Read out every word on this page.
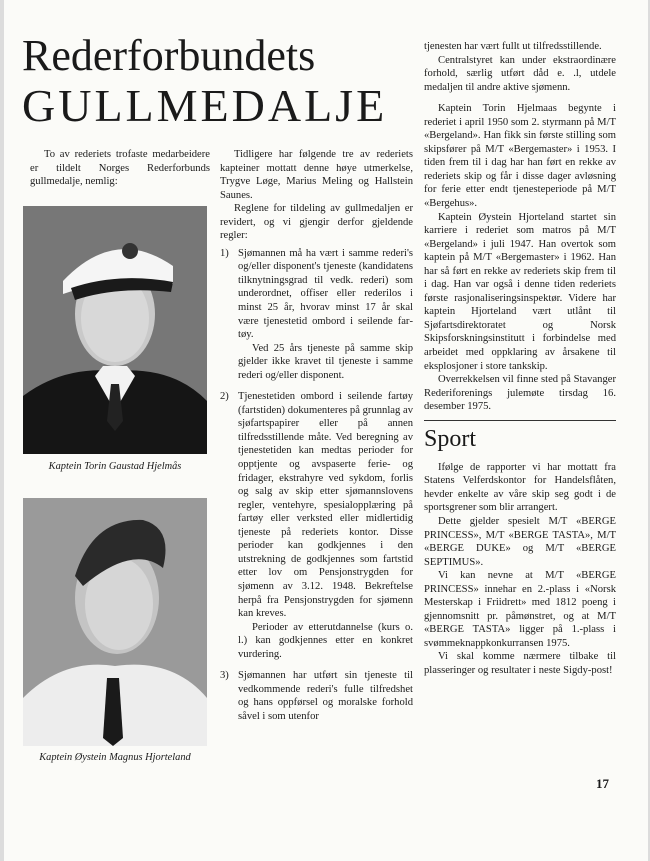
Rederforbundets
GULLMEDALJE
To av rederiets trofaste medarbeidere er tildelt Norges Rederforbunds gullmedalje, nemlig:
Kaptein Torin Gaustad Hjelmås
Kaptein Øystein Magnus Hjorteland

Tidligere har følgende tre av rederiets kapteiner mottatt denne høye utmerkelse, Trygve Løge, Marius Meling og Hallstein Saunes.

Reglene for tildeling av gullmedaljen er revidert, og vi gjengir derfor gjeldende regler:

1) Sjømannen må ha vært i samme rederi's og/eller disponent's tjeneste (kandidatens tilknytningsgrad til vedk. rederi) som underordnet, offiser eller rederilos i minst 25 år, hvorav minst 17 år skal være tjenestetid ombord i seilende fartøy.

Ved 25 års tjeneste på samme skip gjelder ikke kravet til tjeneste i samme rederi og/eller disponent.

2) Tjenestetiden ombord i seilende fartøy (fartstiden) dokumenteres på grunnlag av sjøfartspapirer eller på annen tilfredsstillende måte. Ved beregning av tjenestetiden kan medtas perioder for opptjente og avspaserte ferie- og fridager, ekstrahyre ved sykdom, forlis og salg av skip etter sjømannslovens regler, ventehyre, spesialopplæring på fartøy eller verksted eller midlertidig tjeneste på rederiets kontor. Disse perioder kan godkjennes i den utstrekning de godkjennes som fartstid etter lov om Pensjonstrygden for sjømenn av 3.12. 1948. Bekreftelse herpå fra Pensjonstrygden for sjømenn kan kreves.

Perioder av etterutdannelse (kurs o. l.) kan godkjennes etter en konkret vurdering.

3) Sjømannen har utført sin tjeneste til vedkommende rederi's fulle tilfredshet og hans oppførsel og moralske forhold såvel i som utenfor

tjenesten har vært fullt ut tilfredsstillende.

Centralstyret kan under ekstraordinære forhold, særlig utført dåd e. .l, utdele medaljen til andre aktive sjømenn.

Kaptein Torin Hjelmaas begynte i rederiet i april 1950 som 2. styrmann på M/T «Bergeland». Han fikk sin første stilling som skipsfører på M/T «Bergemaster» i 1953. I tiden frem til i dag har han ført en rekke av rederiets skip og får i disse dager avløsning for ferie etter endt tjenesteperiode på M/T «Bergehus».

Kaptein Øystein Hjorteland startet sin karriere i rederiet som matros på M/T «Bergeland» i juli 1947. Han overtok som kaptein på M/T «Bergemaster» i 1962. Han har så ført en rekke av rederiets skip frem til i dag. Han var også i denne tiden rederiets første rasjonaliseringsinspektør. Videre har kaptein Hjorteland vært utlånt til Sjøfartsdirektoratet og Norsk Skipsforskningsinstitutt i forbindelse med arbeidet med oppklaring av årsakene til eksplosjoner i store tankskip.

Overrekkelsen vil finne sted på Stavanger Rederiforenings julemøte tirsdag 16. desember 1975.

Sport

Ifølge de rapporter vi har mottatt fra Statens Velferdskontor for Handelsflåten, hevder enkelte av våre skip seg godt i de sportsgrener som blir arrangert.

Dette gjelder spesielt M/T «BERGE PRINCESS», M/T «BERGE TASTA», M/T «BERGE DUKE» og M/T «BERGE SEPTIMUS».

Vi kan nevne at M/T «BERGE PRINCESS» innehar en 2.-plass i «Norsk Mesterskap i Friidrett» med 1812 poeng i gjennomsnitt pr. påmønstret, og at M/T «BERGE TASTA» ligger på 1.-plass i svømmeknappkonkurransen 1975.

Vi skal komme nærmere tilbake til plasseringer og resultater i neste Sigdy-post!

17
